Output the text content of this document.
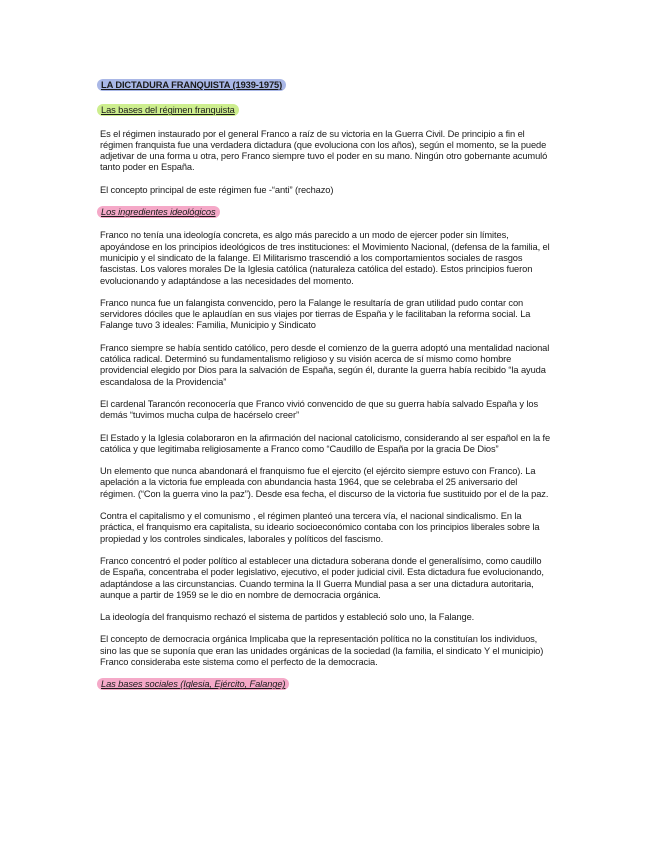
LA DICTADURA FRANQUISTA (1939-1975)
Las bases del régimen franquista

Es el régimen instaurado por el general Franco a raíz de su victoria en la Guerra Civil. De principio a fin el régimen franquista fue una verdadera dictadura (que evoluciona con los años), según el momento, se la puede adjetivar de una forma u otra, pero Franco siempre tuvo el poder en su mano. Ningún otro gobernante acumuló tanto poder en España.

El concepto principal de este régimen fue -“anti” (rechazo)

Los ingredientes ideológicos

Franco no tenía una ideología concreta, es algo más parecido a un modo de ejercer poder sin límites, apoyándose en los principios ideológicos de tres instituciones: el Movimiento Nacional, (defensa de la familia, el municipio y el sindicato de la falange. El Militarismo trascendió a los comportamientos sociales de rasgos fascistas. Los valores morales De la Iglesia católica (naturaleza católica del estado). Estos principios fueron evolucionando y adaptándose a las necesidades del momento.

Franco nunca fue un falangista convencido, pero la Falange le resultaría de gran utilidad pudo contar con servidores dóciles que le aplaudían en sus viajes por tierras de España y le facilitaban la reforma social. La Falange tuvo 3 ideales: Familia, Municipio y Sindicato

Franco siempre se había sentido católico, pero desde el comienzo de la guerra adoptó una mentalidad nacional católica radical. Determinó su fundamentalismo religioso y su visión acerca de sí mismo como hombre providencial elegido por Dios para la salvación de España, según él, durante la guerra había recibido “la ayuda escandalosa de la Providencia”

El cardenal Tarancón reconocería que Franco vivió convencido de que su guerra había salvado España y los demás “tuvimos mucha culpa de hacérselo creer”

El Estado y la Iglesia colaboraron en la afirmación del nacional catolicismo, considerando al ser español en la fe católica y que legitimaba religiosamente a Franco como “Caudillo de España por la gracia De Dios”

Un elemento que nunca abandonará el franquismo fue el ejercito (el ejército siempre estuvo con Franco). La apelación a la victoria fue empleada con abundancia hasta 1964, que se celebraba el 25 aniversario del régimen. (“Con la guerra vino la paz”). Desde esa fecha, el discurso de la victoria fue sustituido por el de la paz.

Contra el capitalismo y el comunismo , el régimen planteó una tercera vía, el nacional sindicalismo. En la práctica, el franquismo era capitalista, su ideario socioeconómico contaba con los principios liberales sobre la propiedad y los controles sindicales, laborales y políticos del fascismo.

Franco concentró el poder político al establecer una dictadura soberana donde el generalísimo, como caudillo de España, concentraba el poder legislativo, ejecutivo, el poder judicial civil. Esta dictadura fue evolucionando, adaptándose a las circunstancias. Cuando termina la II Guerra Mundial pasa a ser una dictadura autoritaria, aunque a partir de 1959 se le dio en nombre de democracia orgánica.

La ideología del franquismo rechazó el sistema de partidos y estableció solo uno, la Falange.

El concepto de democracia orgánica Implicaba que la representación política no la constituían los individuos, sino las que se suponía que eran las unidades orgánicas de la sociedad (la familia, el sindicato Y el municipio) Franco consideraba este sistema como el perfecto de la democracia.

Las bases sociales (Iglesia, Ejército, Falange)
